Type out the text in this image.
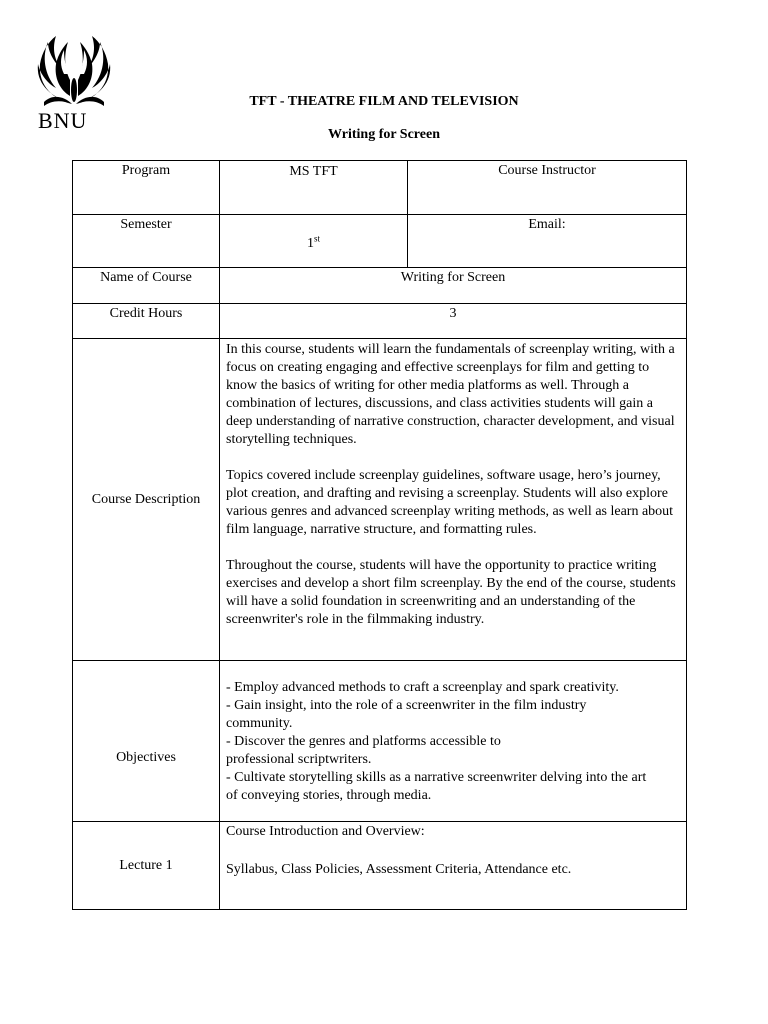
BNU
TFT - THEATRE FILM AND TELEVISION
Writing for Screen
Program	MS TFT	Course Instructor
Semester	1st	Email:
Name of Course	Writing for Screen	
Credit Hours	3	
Course Description	In this course, students will learn the fundamentals of screenplay writing, with a focus on creating engaging and effective screenplays for film and getting to know the basics of writing for other media platforms as well. Through a combination of lectures, discussions, and class activities students will gain a deep understanding of narrative construction, character development, and visual storytelling techniques.

Topics covered include screenplay guidelines, software usage, hero’s journey, plot creation, and drafting and revising a screenplay. Students will also explore various genres and advanced screenplay writing methods, as well as learn about film language, narrative structure, and formatting rules.

Throughout the course, students will have the opportunity to practice writing exercises and develop a short film screenplay. By the end of the course, students will have a solid foundation in screenwriting and an understanding of the screenwriter's role in the filmmaking industry.	

Objectives	- Employ advanced methods to craft a screenplay and spark creativity.
- Gain insight, into the role of a screenwriter in the film industry community.
- Discover the genres and platforms accessible to professional scriptwriters.
- Cultivate storytelling skills as a narrative screenwriter delving into the art of conveying stories, through media.	

Lecture 1	Course Introduction and Overview:
Syllabus, Class Policies, Assessment Criteria, Attendance etc.	
